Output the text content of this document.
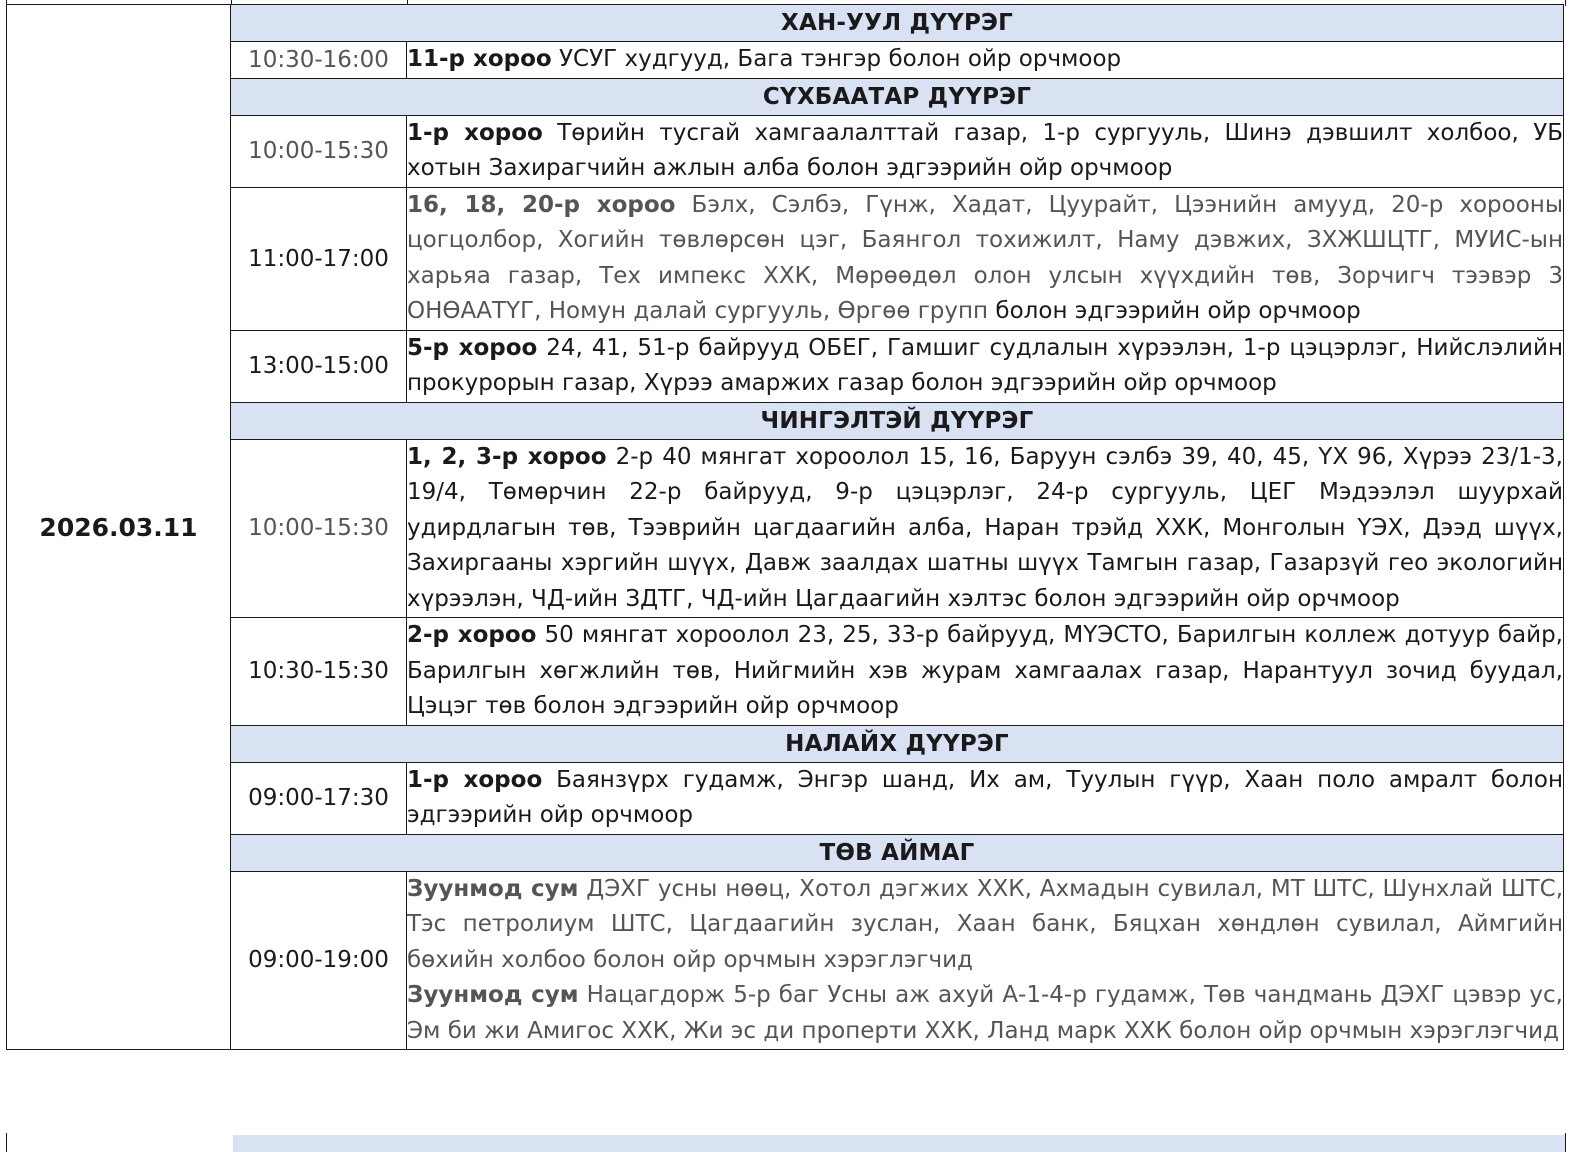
2026.03.11	ХАН-УУЛ ДҮҮРЭГ	
	10:30-16:00	11-р хороо УСУГ худгууд, Бага тэнгэр болон ойр орчмоор

	СҮХБААТАР ДҮҮРЭГ	
	10:00-15:30	1-р хороо Төрийн тусгай хамгаалалттай газар, 1-р сургууль, Шинэ дэвшилт холбоо, УБ хотын Захирагчийн ажлын алба болон эдгээрийн ойр орчмоор

	11:00-17:00	16, 18, 20-р хороо Бэлх, Сэлбэ, Гүнж, Хадат, Цуурайт, Цээнийн амууд, 20-р хорооны цогцолбор, Хогийн төвлөрсөн цэг, Баянгол тохижилт, Наму дэвжих, ЗХЖШЦТГ, МУИС-ын харьяа газар, Тех импекс ХХК, Мөрөөдөл олон улсын хүүхдийн төв, Зорчигч тээвэр 3 ОНӨААТҮГ, Номун далай сургууль, Өргөө групп болон эдгээрийн ойр орчмоор

	13:00-15:00	5-р хороо 24, 41, 51-р байрууд ОБЕГ, Гамшиг судлалын хүрээлэн, 1-р цэцэрлэг, Нийслэлийн прокурорын газар, Хүрээ амаржих газар болон эдгээрийн ойр орчмоор

	ЧИНГЭЛТЭЙ ДҮҮРЭГ	
	10:00-15:30	1, 2, 3-р хороо 2-р 40 мянгат хороолол 15, 16, Баруун сэлбэ 39, 40, 45, ҮХ 96, Хүрээ 23/1-3, 19/4, Төмөрчин 22-р байрууд, 9-р цэцэрлэг, 24-р сургууль, ЦЕГ Мэдээлэл шуурхай удирдлагын төв, Тээврийн цагдаагийн алба, Наран трэйд ХХК, Монголын ҮЭХ, Дээд шүүх, Захиргааны хэргийн шүүх, Давж заалдах шатны шүүх Тамгын газар, Газарзүй гео экологийн хүрээлэн, ЧД-ийн ЗДТГ, ЧД-ийн Цагдаагийн хэлтэс болон эдгээрийн ойр орчмоор

	10:30-15:30	2-р хороо 50 мянгат хороолол 23, 25, 33-р байрууд, МҮЭСТО, Барилгын коллеж дотуур байр, Барилгын хөгжлийн төв, Нийгмийн хэв журам хамгаалах газар, Нарантуул зочид буудал, Цэцэг төв болон эдгээрийн ойр орчмоор

	НАЛАЙХ ДҮҮРЭГ	
	09:00-17:30	1-р хороо Баянзүрх гудамж, Энгэр шанд, Их ам, Туулын гүүр, Хаан поло амралт болон эдгээрийн ойр орчмоор

	ТӨВ АЙМАГ	
	09:00-19:00	Зуунмод сум ДЭХГ усны нөөц, Хотол дэгжих ХХК, Ахмадын сувилал, МТ ШТС, Шунхлай ШТС, Тэс петролиум ШТС, Цагдаагийн зуслан, Хаан банк, Бяцхан хөндлөн сувилал, Аймгийн бөхийн холбоо болон ойр орчмын хэрэглэгчид
Зуунмод сум Нацагдорж 5-р баг Усны аж ахуй А-1-4-р гудамж, Төв чандмань ДЭХГ цэвэр ус, Эм би жи Амигос ХХК, Жи эс ди проперти ХХК, Ланд марк ХХК болон ойр орчмын хэрэглэгчид
